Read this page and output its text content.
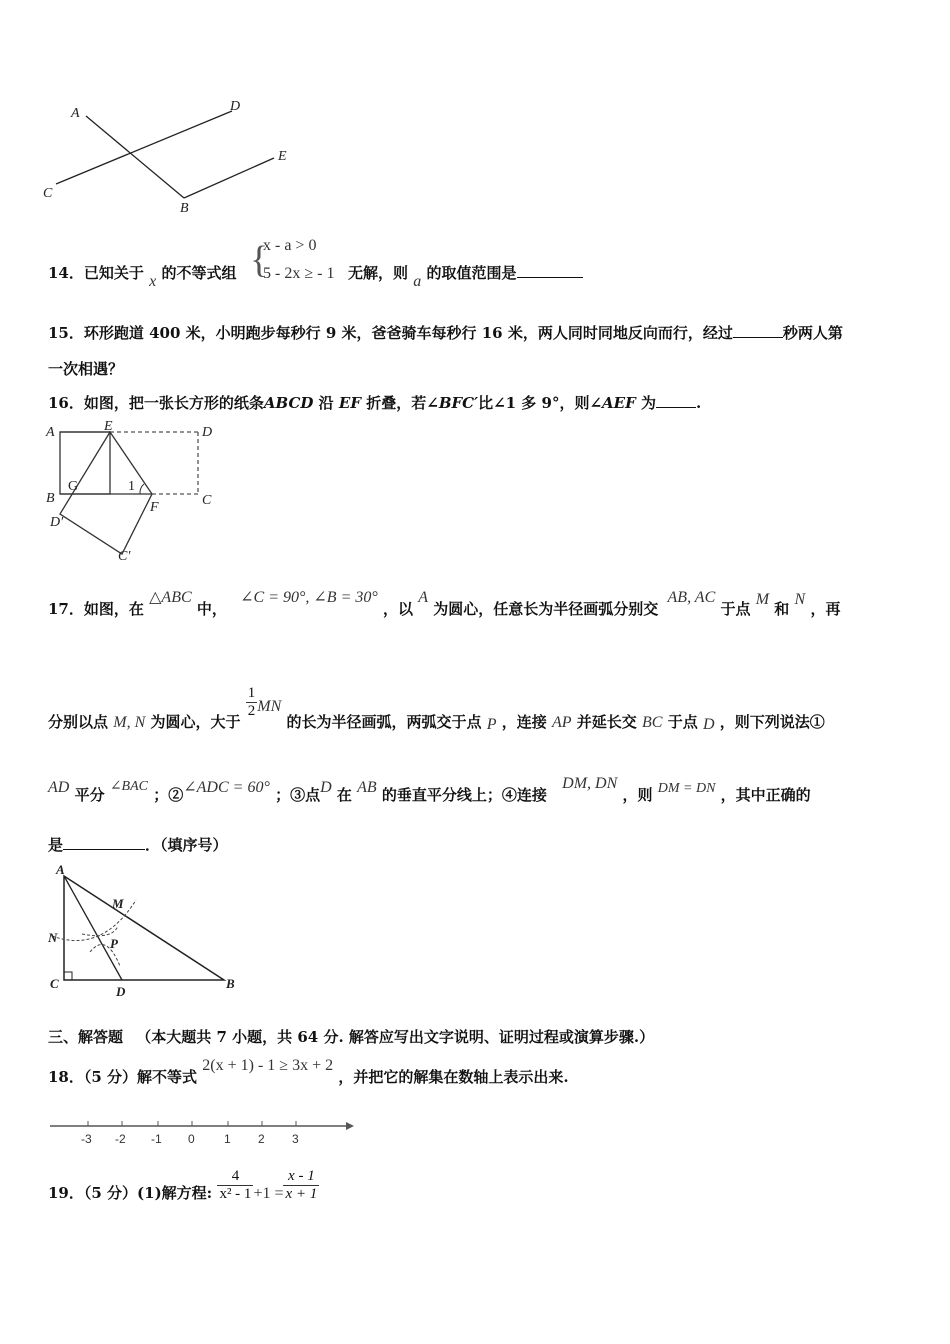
A	D
E
C
B
14．已知关于 x 的不等式组 {
x - a > 0
5 - 2x ≥ - 1 无解，则 a 的取值范围是
15．环形跑道 400 米，小明跑步每秒行 9 米，爸爸骑车每秒行 16 米，两人同时同地反向而行，经过	秒两人第
一次相遇？
16．如图，把一张长方形的纸条ABCD 沿 EF 折叠，若∠BFC′比∠1 多 9°，则∠AEF 为	.
A	E	D
B
G	1
C
F
D′
C′
17．如图，在 △ABC 中， ∠C = 90°, ∠B = 30° ，以 A 为圆心，任意长为半径画弧分别交 AB, AC 于点 M 和 N ，再
分别以点 M, N 为圆心，大于
$\frac{1}{2}$ MN 的长为半径画弧，两弧交于点 P ，连接 AP 并延长交 BC 于点 D ，则下列说法①
AD 平分 ∠BAC ；②∠ADC = 60° ；③点D 在 AB 的垂直平分线上；④连接 DM, DN ，则 DM = DN ，其中正确的
是	．（填序号）
A
M
N	P
C
D
B
三、解答题 （本大题共 7 小题，共 64 分. 解答应写出文字说明、证明过程或演算步骤.）
18．（5 分）解不等式 2(x + 1) - 1 ≥ 3x + 2 ，并把它的解集在数轴上表示出来.
-3 -2 -1 0 1 2 3
19．（5 分）(1)解方程: $\frac{4}{\text{x² - 1}} +1 = \frac{x - 1}{x + 1}$
